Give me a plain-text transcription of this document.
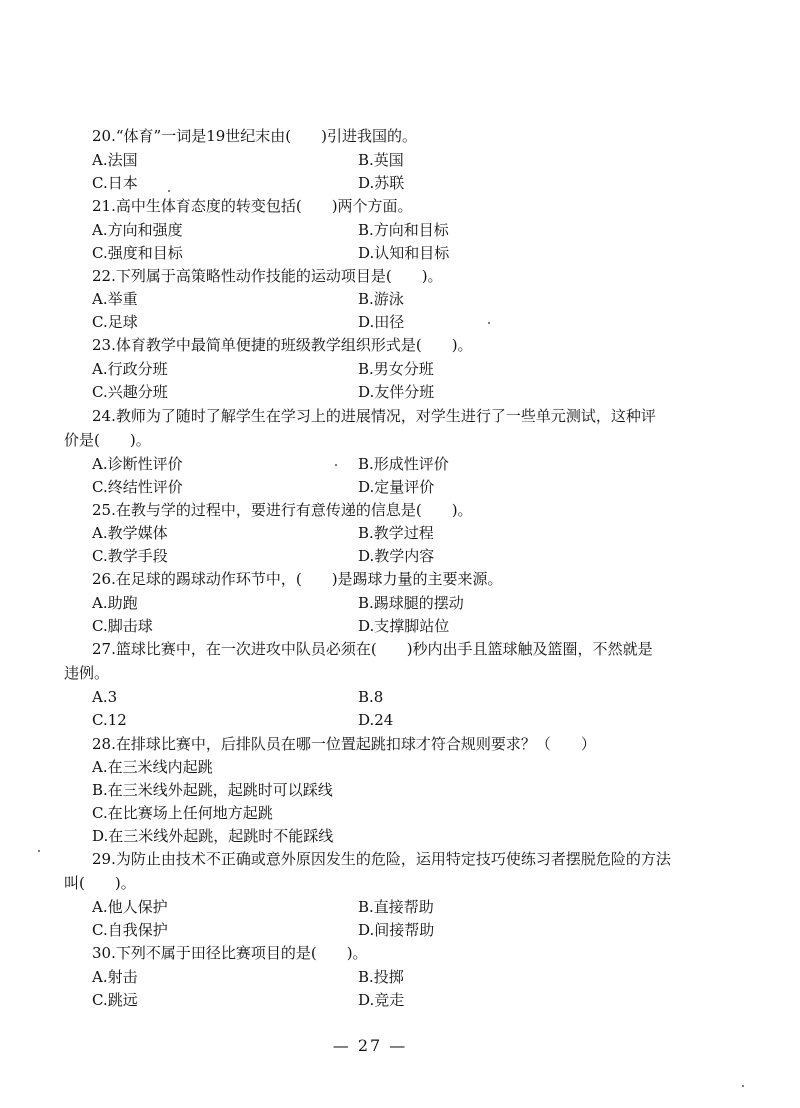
20.“体育”一词是19世纪末由(　　)引进我国的。
A.法国	B.英国
C.日本	D.苏联
21.高中生体育态度的转变包括(　　)两个方面。
A.方向和强度	B.方向和目标
C.强度和目标	D.认知和目标
22.下列属于高策略性动作技能的运动项目是(　　)。
A.举重	B.游泳
C.足球	D.田径
23.体育教学中最简单便捷的班级教学组织形式是(　　)。
A.行政分班	B.男女分班
C.兴趣分班	D.友伴分班
24.教师为了随时了解学生在学习上的进展情况，对学生进行了一些单元测试，这种评
价是(　　)。
A.诊断性评价	B.形成性评价
C.终结性评价	D.定量评价
25.在教与学的过程中，要进行有意传递的信息是(　　)。
A.教学媒体	B.教学过程
C.教学手段	D.教学内容
26.在足球的踢球动作环节中，(　　)是踢球力量的主要来源。
A.助跑	B.踢球腿的摆动
C.脚击球	D.支撑脚站位
27.篮球比赛中，在一次进攻中队员必须在(　　)秒内出手且篮球触及篮圈，不然就是
违例。
A.3	B.8
C.12	D.24
28.在排球比赛中，后排队员在哪一位置起跳扣球才符合规则要求？（　　）
A.在三米线内起跳
B.在三米线外起跳，起跳时可以踩线
C.在比赛场上任何地方起跳
D.在三米线外起跳，起跳时不能踩线
29.为防止由技术不正确或意外原因发生的危险，运用特定技巧使练习者摆脱危险的方法
叫(　　)。
A.他人保护	B.直接帮助
C.自我保护	D.间接帮助
30.下列不属于田径比赛项目的是(　　)。
A.射击	B.投掷
C.跳远	D.竞走
— 27 —
